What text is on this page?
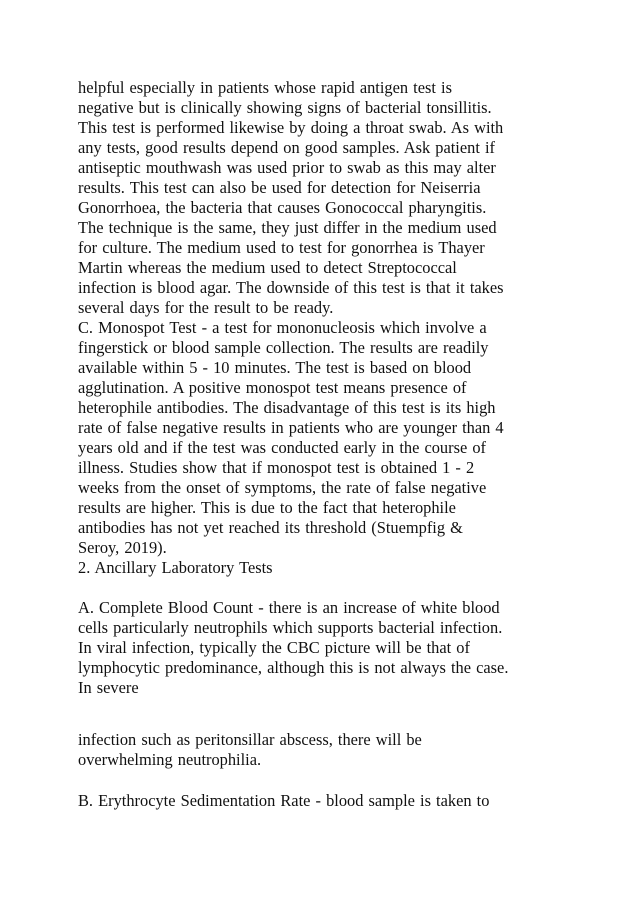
helpful especially in patients whose rapid antigen test is

negative but is clinically showing signs of bacterial tonsillitis.

This test is performed likewise by doing a throat swab. As with

any tests, good results depend on good samples. Ask patient if

antiseptic mouthwash was used prior to swab as this may alter

results. This test can also be used for detection for Neiserria

Gonorrhoea, the bacteria that causes Gonococcal pharyngitis.

The technique is the same, they just differ in the medium used

for culture. The medium used to test for gonorrhea is Thayer

Martin whereas the medium used to detect Streptococcal

infection is blood agar. The downside of this test is that it takes

several days for the result to be ready.

C. Monospot Test - a test for mononucleosis which involve a

fingerstick or blood sample collection. The results are readily

available within 5 - 10 minutes. The test is based on blood

agglutination. A positive monospot test means presence of

heterophile antibodies. The disadvantage of this test is its high

rate of false negative results in patients who are younger than 4

years old and if the test was conducted early in the course of

illness. Studies show that if monospot test is obtained 1 - 2

weeks from the onset of symptoms, the rate of false negative

results are higher. This is due to the fact that heterophile

antibodies has not yet reached its threshold (Stuempfig &

Seroy, 2019).

2. Ancillary Laboratory Tests

A. Complete Blood Count - there is an increase of white blood

cells particularly neutrophils which supports bacterial infection.

In viral infection, typically the CBC picture will be that of

lymphocytic predominance, although this is not always the case.

In severe

infection such as peritonsillar abscess, there will be

overwhelming neutrophilia.

B. Erythrocyte Sedimentation Rate - blood sample is taken to
